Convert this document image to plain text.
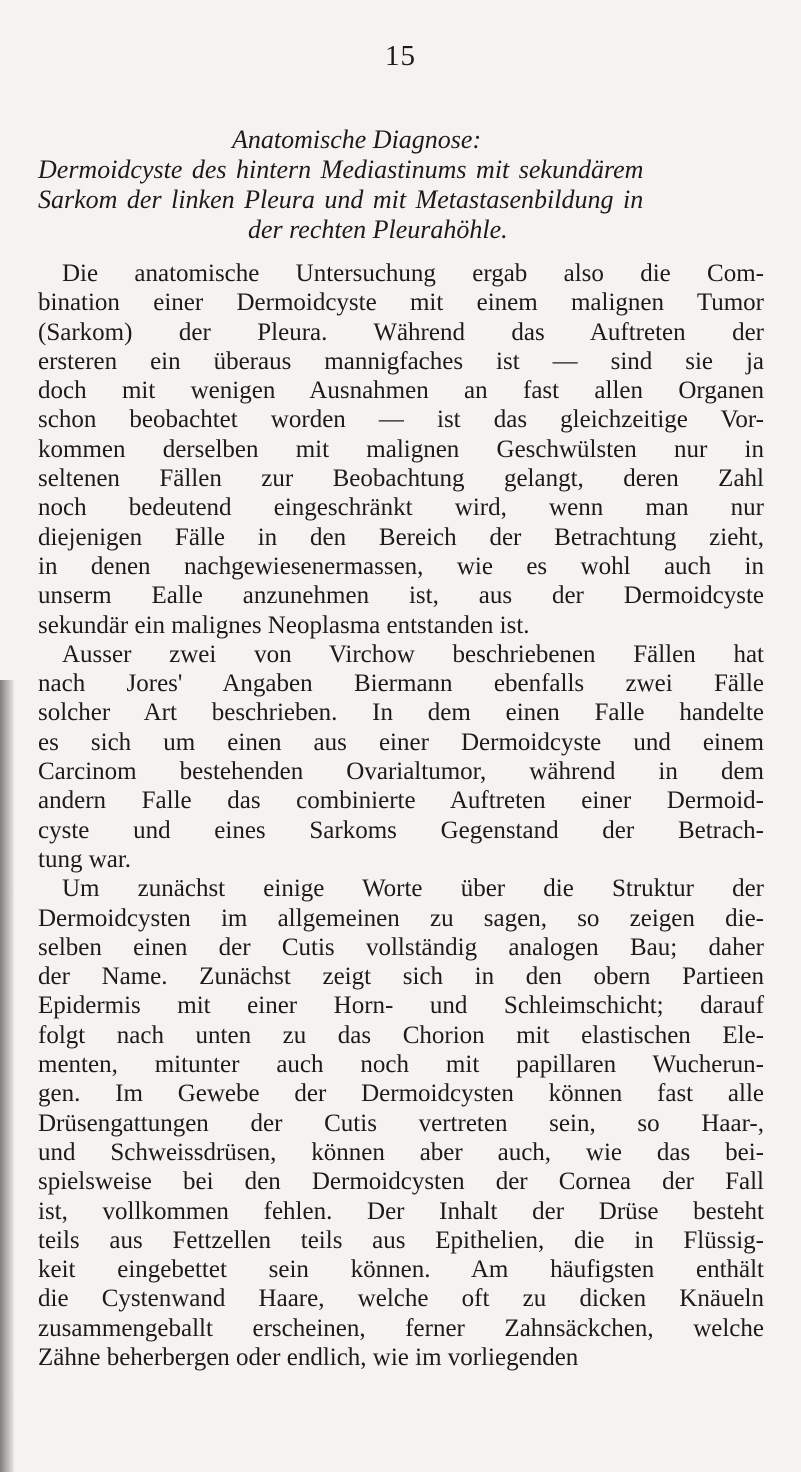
15
Anatomische Diagnose:
Dermoidcyste des hintern Mediastinums mit sekundärem
Sarkom der linken Pleura und mit Metastasenbildung in
der rechten Pleurahöhle.
Die anatomische Untersuchung ergab also die Com-
bination einer Dermoidcyste mit einem malignen Tumor
(Sarkom) der Pleura. Während das Auftreten der
ersteren ein überaus mannigfaches ist — sind sie ja
doch mit wenigen Ausnahmen an fast allen Organen
schon beobachtet worden — ist das gleichzeitige Vor-
kommen derselben mit malignen Geschwülsten nur in
seltenen Fällen zur Beobachtung gelangt, deren Zahl
noch bedeutend eingeschränkt wird, wenn man nur
diejenigen Fälle in den Bereich der Betrachtung zieht,
in denen nachgewiesenermassen, wie es wohl auch in
unserm Ealle anzunehmen ist, aus der Dermoidcyste
sekundär ein malignes Neoplasma entstanden ist.
Ausser zwei von Virchow beschriebenen Fällen hat
nach Jores' Angaben Biermann ebenfalls zwei Fälle
solcher Art beschrieben. In dem einen Falle handelte
es sich um einen aus einer Dermoidcyste und einem
Carcinom bestehenden Ovarialtumor, während in dem
andern Falle das combinierte Auftreten einer Dermoid-
cyste und eines Sarkoms Gegenstand der Betrach-
tung war.
Um zunächst einige Worte über die Struktur der
Dermoidcysten im allgemeinen zu sagen, so zeigen die-
selben einen der Cutis vollständig analogen Bau; daher
der Name. Zunächst zeigt sich in den obern Partieen
Epidermis mit einer Horn- und Schleimschicht; darauf
folgt nach unten zu das Chorion mit elastischen Ele-
menten, mitunter auch noch mit papillaren Wucherun-
gen. Im Gewebe der Dermoidcysten können fast alle
Drüsengattungen der Cutis vertreten sein, so Haar-,
und Schweissdrüsen, können aber auch, wie das bei-
spielsweise bei den Dermoidcysten der Cornea der Fall
ist, vollkommen fehlen. Der Inhalt der Drüse besteht
teils aus Fettzellen teils aus Epithelien, die in Flüssig-
keit eingebettet sein können. Am häufigsten enthält
die Cystenwand Haare, welche oft zu dicken Knäueln
zusammengeballt erscheinen, ferner Zahnsäckchen, welche
Zähne beherbergen oder endlich, wie im vorliegenden
